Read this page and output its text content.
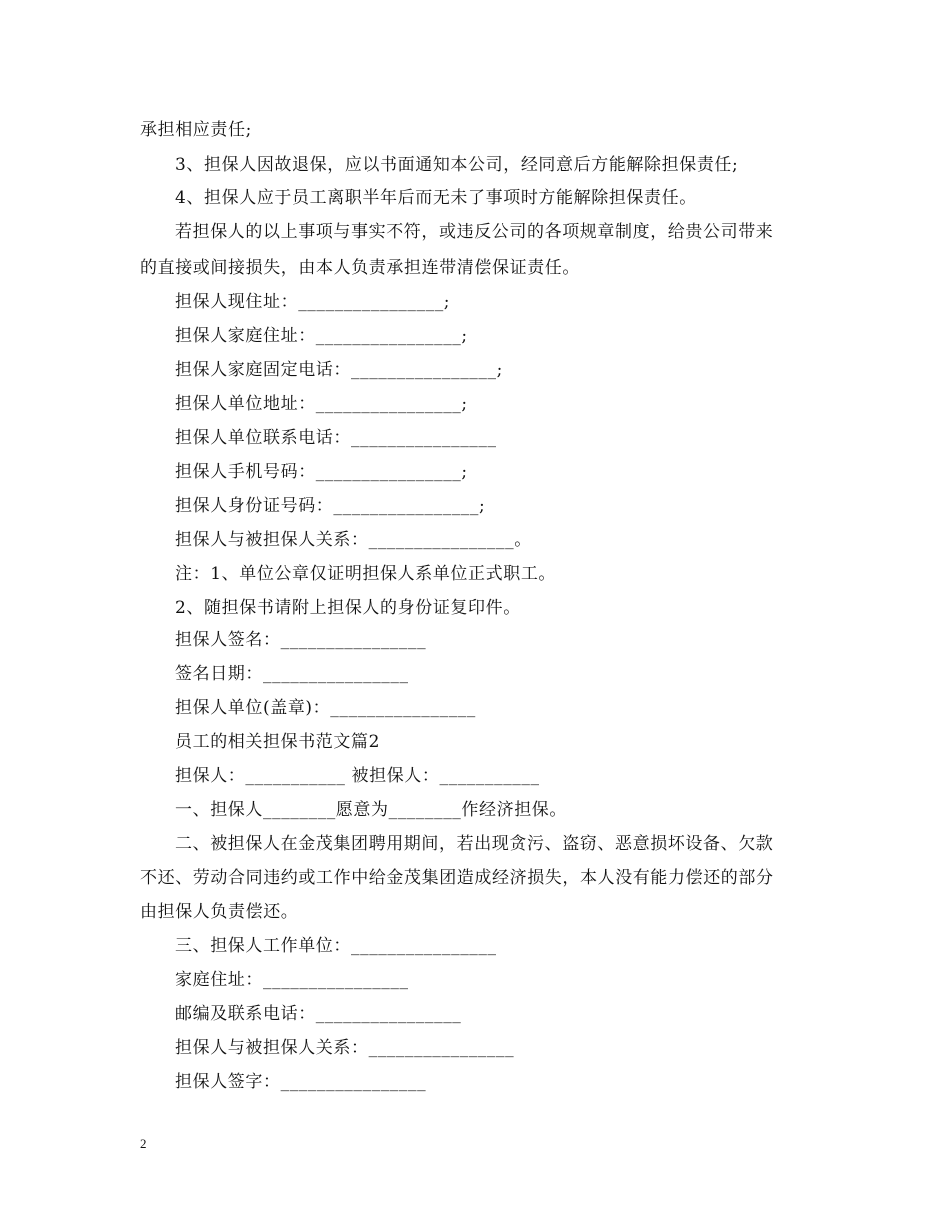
承担相应责任;
3、担保人因故退保，应以书面通知本公司，经同意后方能解除担保责任;
4、担保人应于员工离职半年后而无未了事项时方能解除担保责任。
若担保人的以上事项与事实不符，或违反公司的各项规章制度，给贵公司带来
的直接或间接损失，由本人负责承担连带清偿保证责任。
担保人现住址：________________;
担保人家庭住址：________________;
担保人家庭固定电话：________________;
担保人单位地址：________________;
担保人单位联系电话：________________
担保人手机号码：________________;
担保人身份证号码：________________;
担保人与被担保人关系：________________。
注：1、单位公章仅证明担保人系单位正式职工。
2、随担保书请附上担保人的身份证复印件。
担保人签名：________________
签名日期：________________
担保人单位(盖章)：________________
员工的相关担保书范文篇2
担保人：___________ 被担保人：___________
一、担保人________愿意为________作经济担保。
二、被担保人在金茂集团聘用期间，若出现贪污、盗窃、恶意损坏设备、欠款
不还、劳动合同违约或工作中给金茂集团造成经济损失，本人没有能力偿还的部分
由担保人负责偿还。
三、担保人工作单位：________________
家庭住址：________________
邮编及联系电话：________________
担保人与被担保人关系：________________
担保人签字：________________
2
